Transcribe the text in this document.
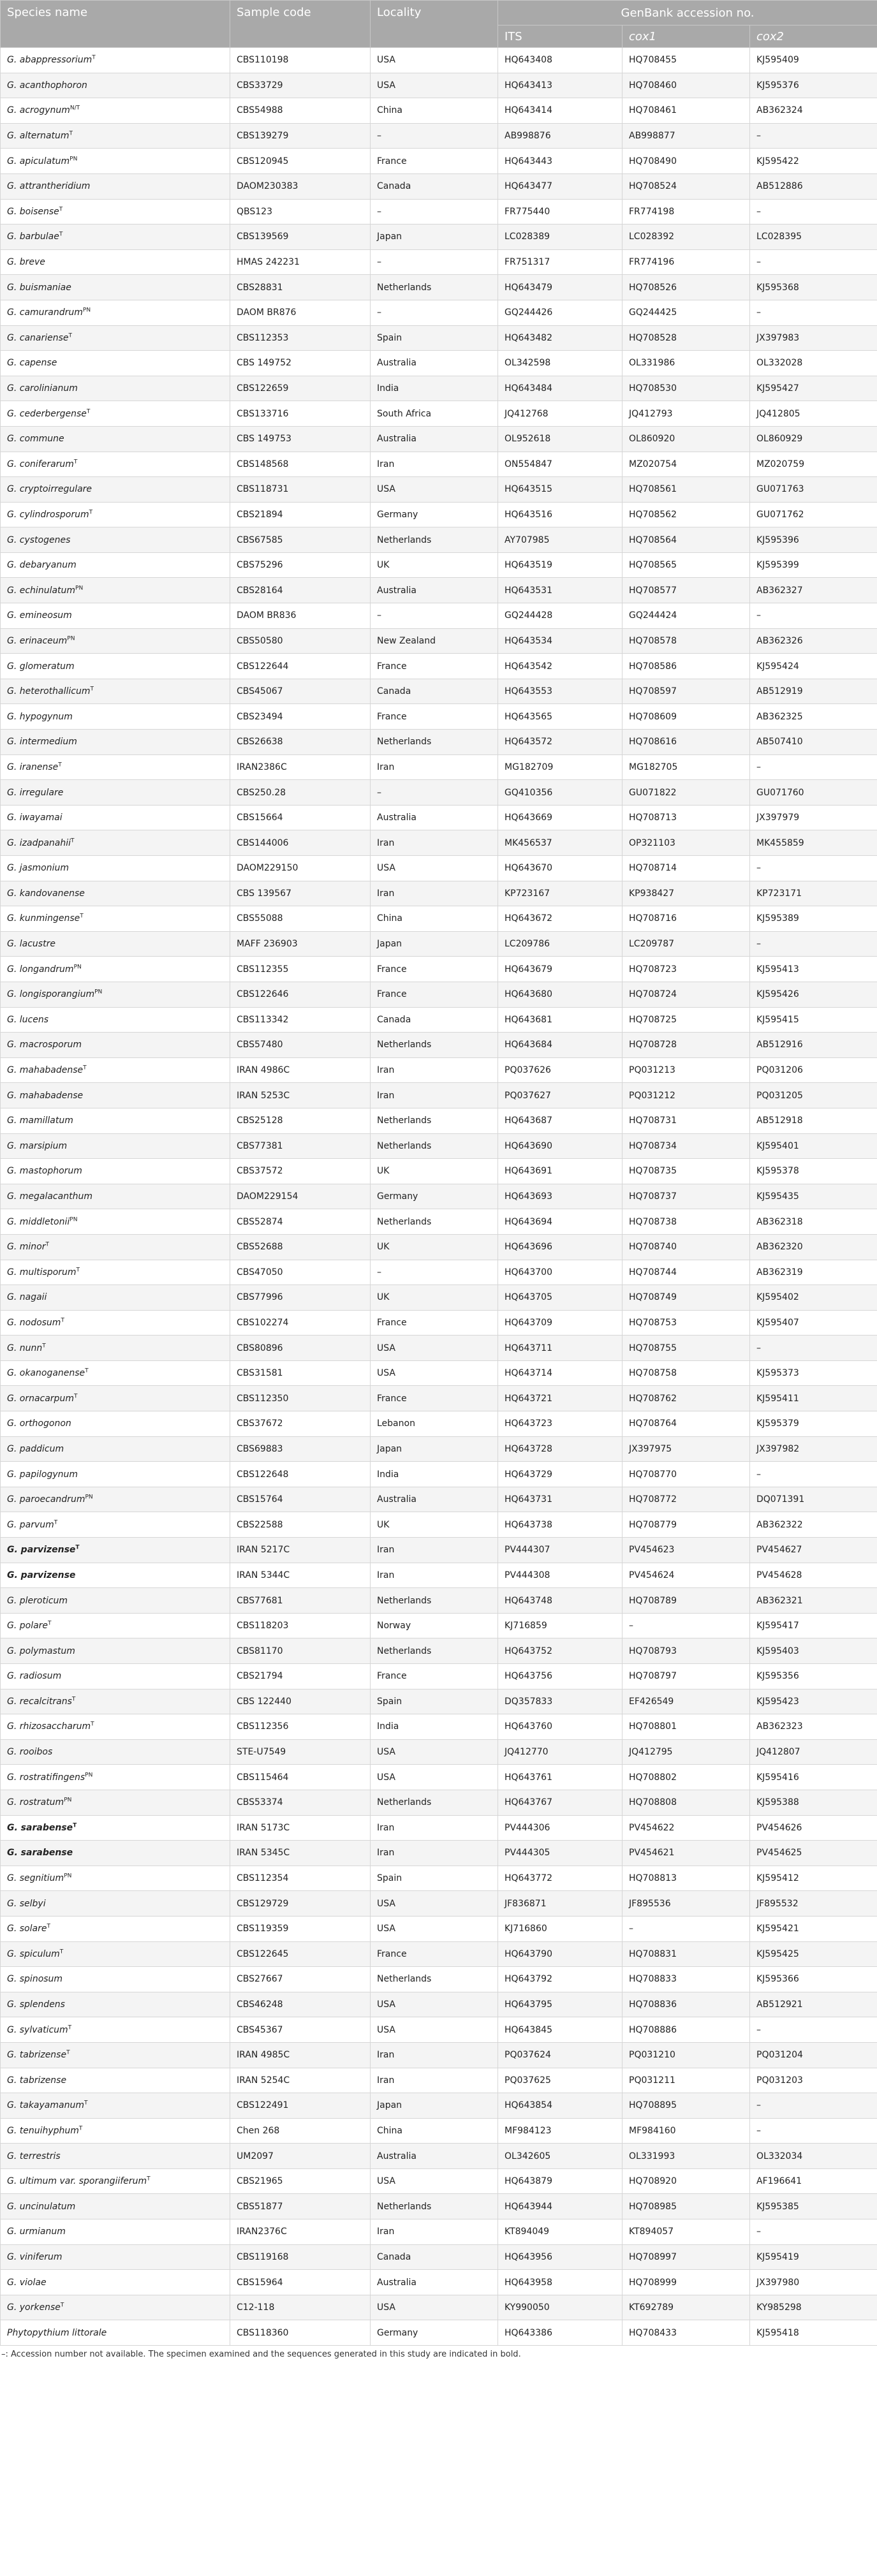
Species name	Sample code	Locality	GenBank accession no.		
			ITS	cox1	cox2
G. abappressorium$^T$	CBS110198	USA	HQ643408	HQ708455	KJ595409
G. acanthophoron	CBS33729	USA	HQ643413	HQ708460	KJ595376
G. acrogynum$^{N/T}$	CBS54988	China	HQ643414	HQ708461	AB362324
G. alternatum$^T$	CBS139279	–	AB998876	AB998877	–
G. apiculatum$^{PN}$	CBS120945	France	HQ643443	HQ708490	KJ595422
G. attrantheridium	DAOM230383	Canada	HQ643477	HQ708524	AB512886
G. boisense$^T$	QBS123	–	FR775440	FR774198	–
G. barbulae$^T$	CBS139569	Japan	LC028389	LC028392	LC028395
G. breve	HMAS 242231	–	FR751317	FR774196	–
G. buismaniae	CBS28831	Netherlands	HQ643479	HQ708526	KJ595368
G. camurandrum$^{PN}$	DAOM BR876	–	GQ244426	GQ244425	–
G. canariense$^T$	CBS112353	Spain	HQ643482	HQ708528	JX397983
G. capense	CBS 149752	Australia	OL342598	OL331986	OL332028
G. carolinianum	CBS122659	India	HQ643484	HQ708530	KJ595427
G. cederbergense$^T$	CBS133716	South Africa	JQ412768	JQ412793	JQ412805
G. commune	CBS 149753	Australia	OL952618	OL860920	OL860929
G. coniferarum$^T$	CBS148568	Iran	ON554847	MZ020754	MZ020759
G. cryptoirregulare	CBS118731	USA	HQ643515	HQ708561	GU071763
G. cylindrosporum$^T$	CBS21894	Germany	HQ643516	HQ708562	GU071762
G. cystogenes	CBS67585	Netherlands	AY707985	HQ708564	KJ595396
G. debaryanum	CBS75296	UK	HQ643519	HQ708565	KJ595399
G. echinulatum$^{PN}$	CBS28164	Australia	HQ643531	HQ708577	AB362327
G. emineosum	DAOM BR836	–	GQ244428	GQ244424	–
G. erinaceum$^{PN}$	CBS50580	New Zealand	HQ643534	HQ708578	AB362326
G. glomeratum	CBS122644	France	HQ643542	HQ708586	KJ595424
G. heterothallicum$^T$	CBS45067	Canada	HQ643553	HQ708597	AB512919
G. hypogynum	CBS23494	France	HQ643565	HQ708609	AB362325
G. intermedium	CBS26638	Netherlands	HQ643572	HQ708616	AB507410
G. iranense$^T$	IRAN2386C	Iran	MG182709	MG182705	–
G. irregulare	CBS250.28	–	GQ410356	GU071822	GU071760
G. iwayamai	CBS15664	Australia	HQ643669	HQ708713	JX397979
G. izadpanahii$^T$	CBS144006	Iran	MK456537	OP321103	MK455859
G. jasmonium	DAOM229150	USA	HQ643670	HQ708714	–
G. kandovanense	CBS 139567	Iran	KP723167	KP938427	KP723171
G. kunmingense$^T$	CBS55088	China	HQ643672	HQ708716	KJ595389
G. lacustre	MAFF 236903	Japan	LC209786	LC209787	–
G. longandrum$^{PN}$	CBS112355	France	HQ643679	HQ708723	KJ595413
G. longisporangium$^{PN}$	CBS122646	France	HQ643680	HQ708724	KJ595426
G. lucens	CBS113342	Canada	HQ643681	HQ708725	KJ595415
G. macrosporum	CBS57480	Netherlands	HQ643684	HQ708728	AB512916
G. mahabadense$^T$	IRAN 4986C	Iran	PQ037626	PQ031213	PQ031206
G. mahabadense	IRAN 5253C	Iran	PQ037627	PQ031212	PQ031205
G. mamillatum	CBS25128	Netherlands	HQ643687	HQ708731	AB512918
G. marsipium	CBS77381	Netherlands	HQ643690	HQ708734	KJ595401
G. mastophorum	CBS37572	UK	HQ643691	HQ708735	KJ595378
G. megalacanthum	DAOM229154	Germany	HQ643693	HQ708737	KJ595435
G. middletonii$^{PN}$	CBS52874	Netherlands	HQ643694	HQ708738	AB362318
G. minor$^T$	CBS52688	UK	HQ643696	HQ708740	AB362320
G. multisporum$^T$	CBS47050	–	HQ643700	HQ708744	AB362319
G. nagaii	CBS77996	UK	HQ643705	HQ708749	KJ595402
G. nodosum$^T$	CBS102274	France	HQ643709	HQ708753	KJ595407
G. nunn$^T$	CBS80896	USA	HQ643711	HQ708755	–
G. okanoganense$^T$	CBS31581	USA	HQ643714	HQ708758	KJ595373
G. ornacarpum$^T$	CBS112350	France	HQ643721	HQ708762	KJ595411
G. orthogonon	CBS37672	Lebanon	HQ643723	HQ708764	KJ595379
G. paddicum	CBS69883	Japan	HQ643728	JX397975	JX397982
G. papilogynum	CBS122648	India	HQ643729	HQ708770	–
G. paroecandrum$^{PN}$	CBS15764	Australia	HQ643731	HQ708772	DQ071391
G. parvum$^T$	CBS22588	UK	HQ643738	HQ708779	AB362322
G. parvizense$^T$	IRAN 5217C	Iran	PV444307	PV454623	PV454627
G. parvizense	IRAN 5344C	Iran	PV444308	PV454624	PV454628
G. pleroticum	CBS77681	Netherlands	HQ643748	HQ708789	AB362321
G. polare$^T$	CBS118203	Norway	KJ716859	–	KJ595417
G. polymastum	CBS81170	Netherlands	HQ643752	HQ708793	KJ595403
G. radiosum	CBS21794	France	HQ643756	HQ708797	KJ595356
G. recalcitrans$^T$	CBS 122440	Spain	DQ357833	EF426549	KJ595423
G. rhizosaccharum$^T$	CBS112356	India	HQ643760	HQ708801	AB362323
G. rooibos	STE-U7549	USA	JQ412770	JQ412795	JQ412807
G. rostratifingens$^{PN}$	CBS115464	USA	HQ643761	HQ708802	KJ595416
G. rostratum$^{PN}$	CBS53374	Netherlands	HQ643767	HQ708808	KJ595388
G. sarabense$^T$	IRAN 5173C	Iran	PV444306	PV454622	PV454626
G. sarabense	IRAN 5345C	Iran	PV444305	PV454621	PV454625
G. segnitium$^{PN}$	CBS112354	Spain	HQ643772	HQ708813	KJ595412
G. selbyi	CBS129729	USA	JF836871	JF895536	JF895532
G. solare$^T$	CBS119359	USA	KJ716860	–	KJ595421
G. spiculum$^T$	CBS122645	France	HQ643790	HQ708831	KJ595425
G. spinosum	CBS27667	Netherlands	HQ643792	HQ708833	KJ595366
G. splendens	CBS46248	USA	HQ643795	HQ708836	AB512921
G. sylvaticum$^T$	CBS45367	USA	HQ643845	HQ708886	–
G. tabrizense$^T$	IRAN 4985C	Iran	PQ037624	PQ031210	PQ031204
G. tabrizense	IRAN 5254C	Iran	PQ037625	PQ031211	PQ031203
G. takayamanum$^T$	CBS122491	Japan	HQ643854	HQ708895	–
G. tenuihyphum$^T$	Chen 268	China	MF984123	MF984160	–
G. terrestris	UM2097	Australia	OL342605	OL331993	OL332034
G. ultimum var. sporangiiferum$^T$	CBS21965	USA	HQ643879	HQ708920	AF196641
G. uncinulatum	CBS51877	Netherlands	HQ643944	HQ708985	KJ595385
G. urmianum	IRAN2376C	Iran	KT894049	KT894057	–
G. viniferum	CBS119168	Canada	HQ643956	HQ708997	KJ595419
G. violae	CBS15964	Australia	HQ643958	HQ708999	JX397980
G. yorkense$^T$	C12-118	USA	KY990050	KT692789	KY985298
Phytopythium littorale	CBS118360	Germany	HQ643386	HQ708433	KJ595418
–: Accession number not available. The specimen examined and the sequences generated in this study are indicated in bold.
